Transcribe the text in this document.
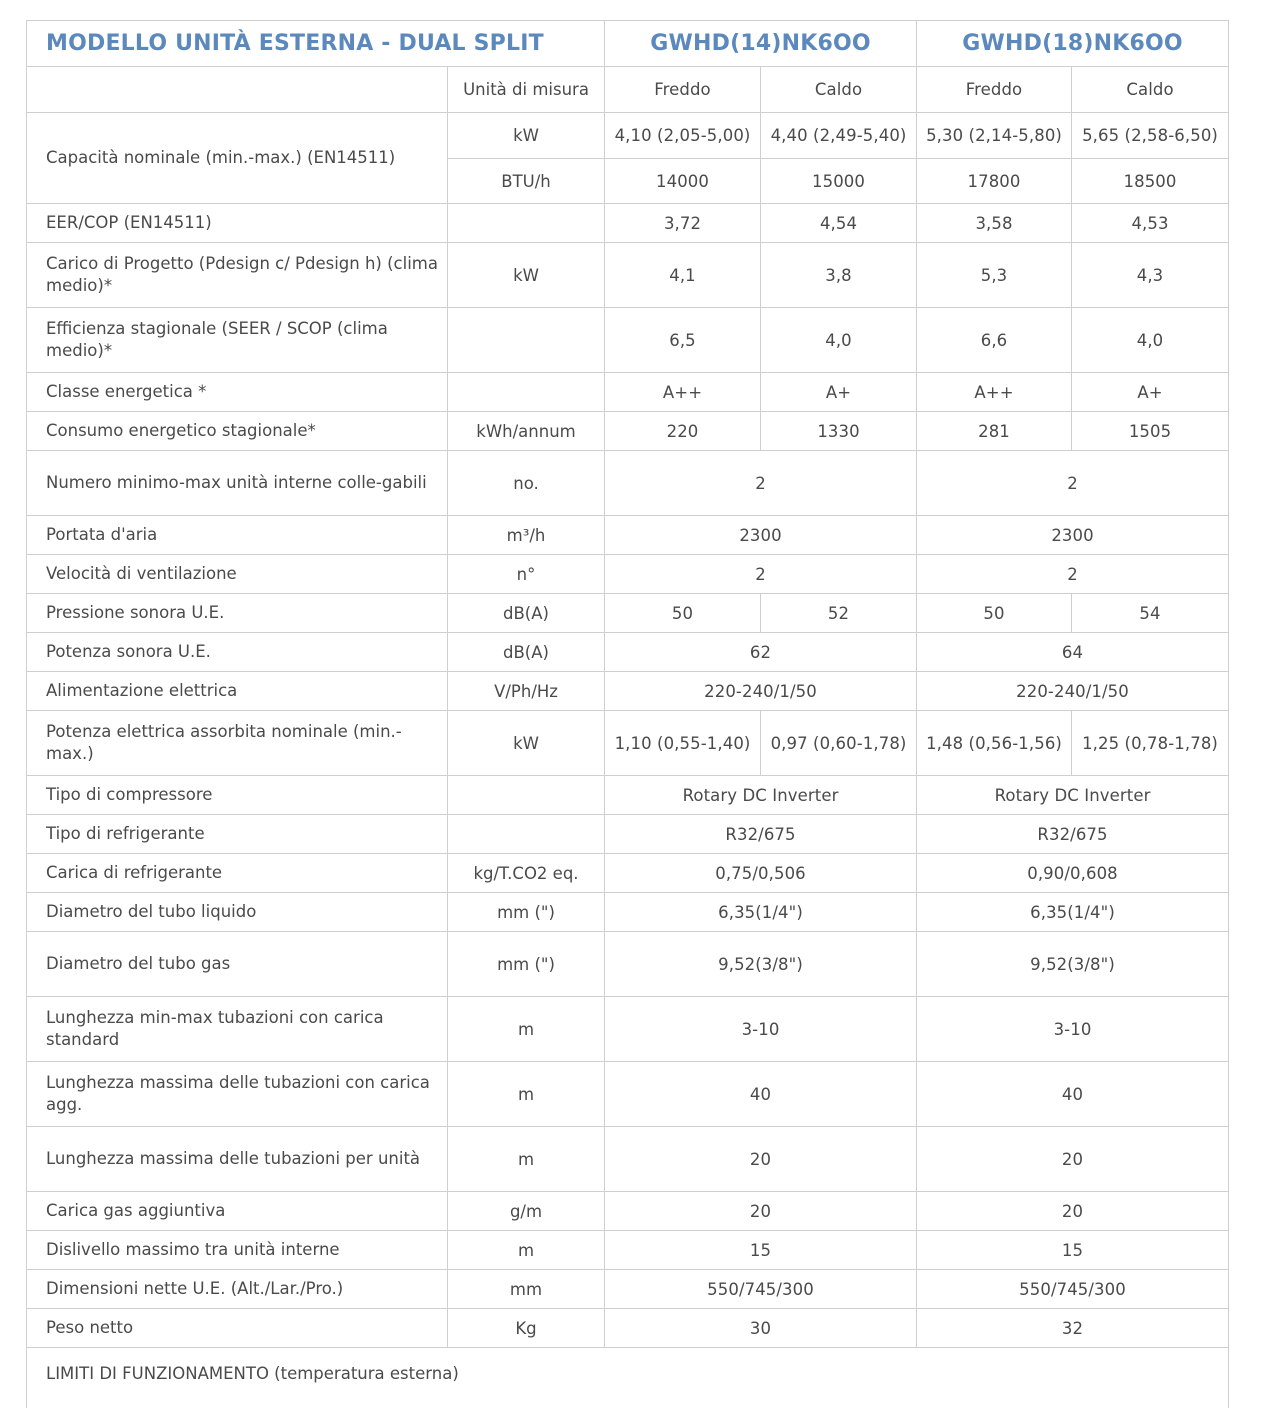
MODELLO UNITÀ ESTERNA - DUAL SPLIT		GWHD(14)NK6OO		GWHD(18)NK6OO	
	Unità di misura	Freddo	Caldo	Freddo	Caldo
Capacità nominale (min.-max.) (EN14511)	kW	4,10 (2,05-5,00)	4,40 (2,49-5,40)	5,30 (2,14-5,80)	5,65 (2,58-6,50)
	BTU/h	14000	15000	17800	18500
EER/COP (EN14511)		3,72	4,54	3,58	4,53
Carico di Progetto (Pdesign c/ Pdesign h) (clima medio)*	kW	4,1	3,8	5,3	4,3
Efficienza stagionale (SEER / SCOP (clima medio)*		6,5	4,0	6,6	4,0
Classe energetica *		A++	A+	A++	A+
Consumo energetico stagionale*	kWh/annum	220	1330	281	1505
Numero minimo-max unità interne colle-gabili	no.	2		2	
Portata d'aria	m³/h	2300		2300	
Velocità di ventilazione	n°	2		2	
Pressione sonora U.E.	dB(A)	50	52	50	54
Potenza sonora U.E.	dB(A)	62		64	
Alimentazione elettrica	V/Ph/Hz	220-240/1/50		220-240/1/50	
Potenza elettrica assorbita nominale (min.-max.)	kW	1,10 (0,55-1,40)	0,97 (0,60-1,78)	1,48 (0,56-1,56)	1,25 (0,78-1,78)
Tipo di compressore		Rotary DC Inverter		Rotary DC Inverter	
Tipo di refrigerante		R32/675		R32/675	
Carica di refrigerante	kg/T.CO2 eq.	0,75/0,506		0,90/0,608	
Diametro del tubo liquido	mm (")	6,35(1/4")		6,35(1/4")	
Diametro del tubo gas	mm (")	9,52(3/8")		9,52(3/8")	
Lunghezza min-max tubazioni con carica standard	m	3-10		3-10	
Lunghezza massima delle tubazioni con carica agg.	m	40		40	
Lunghezza massima delle tubazioni per unità	m	20		20	
Carica gas aggiuntiva	g/m	20		20	
Dislivello massimo tra unità interne	m	15		15	
Dimensioni nette U.E. (Alt./Lar./Pro.)	mm	550/745/300		550/745/300	
Peso netto	Kg	30		32	
LIMITI DI FUNZIONAMENTO (temperatura esterna)					
